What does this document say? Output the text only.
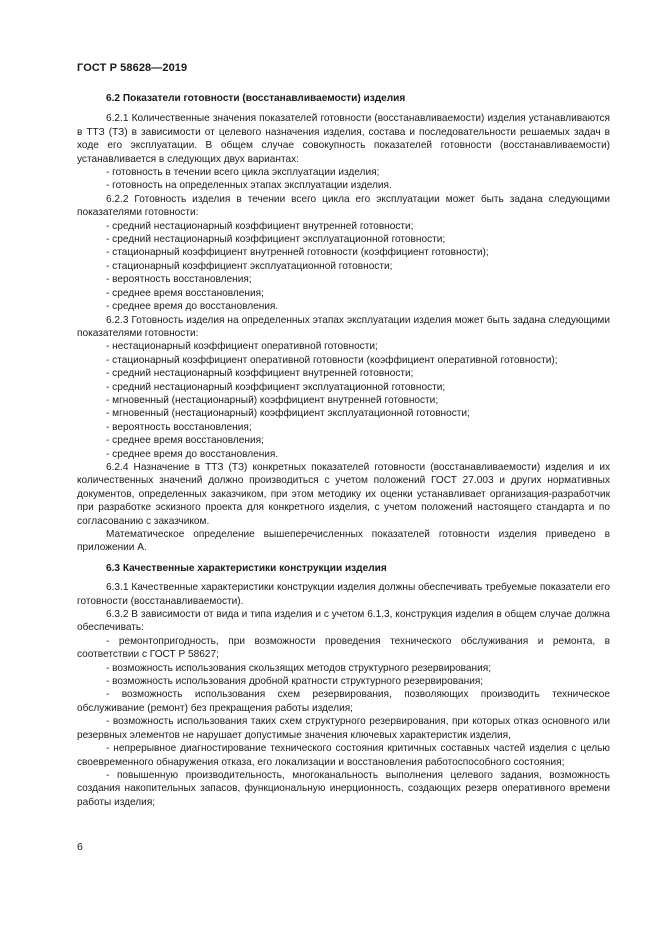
ГОСТ Р 58628—2019

6.2 Показатели готовности (восстанавливаемости) изделия

6.2.1 Количественные значения показателей готовности (восстанавливаемости) изделия устанавливаются в ТТЗ (ТЗ) в зависимости от целевого назначения изделия, состава и последовательности решаемых задач в ходе его эксплуатации. В общем случае совокупность показателей готовности (восстанавливаемости) устанавливается в следующих двух вариантах:

- готовность в течении всего цикла эксплуатации изделия;

- готовность на определенных этапах эксплуатации изделия.

6.2.2 Готовность изделия в течении всего цикла его эксплуатации может быть задана следующими показателями готовности:

- средний нестационарный коэффициент внутренней готовности;

- средний нестационарный коэффициент эксплуатационной готовности;

- стационарный коэффициент внутренней готовности (коэффициент готовности);

- стационарный коэффициент эксплуатационной готовности;

- вероятность восстановления;

- среднее время восстановления;

- среднее время до восстановления.

6.2.3 Готовность изделия на определенных этапах эксплуатации изделия может быть задана следующими показателями готовности:

- нестационарный коэффициент оперативной готовности;

- стационарный коэффициент оперативной готовности (коэффициент оперативной готовности);

- средний нестационарный коэффициент внутренней готовности;

- средний нестационарный коэффициент эксплуатационной готовности;

- мгновенный (нестационарный) коэффициент внутренней готовности;

- мгновенный (нестационарный) коэффициент эксплуатационной готовности;

- вероятность восстановления;

- среднее время восстановления;

- среднее время до восстановления.

6.2.4 Назначение в ТТЗ (ТЗ) конкретных показателей готовности (восстанавливаемости) изделия и их количественных значений должно производиться с учетом положений ГОСТ 27.003 и других нормативных документов, определенных заказчиком, при этом методику их оценки устанавливает организация-разработчик при разработке эскизного проекта для конкретного изделия, с учетом положений настоящего стандарта и по согласованию с заказчиком.

Математическое определение вышеперечисленных показателей готовности изделия приведено в приложении А.

6.3 Качественные характеристики конструкции изделия

6.3.1 Качественные характеристики конструкции изделия должны обеспечивать требуемые показатели его готовности (восстанавливаемости).

6.3.2 В зависимости от вида и типа изделия и с учетом 6.1.3, конструкция изделия в общем случае должна обеспечивать:

- ремонтопригодность, при возможности проведения технического обслуживания и ремонта, в соответствии с ГОСТ Р 58627;

- возможность использования скользящих методов структурного резервирования;

- возможность использования дробной кратности структурного резервирования;

- возможность использования схем резервирования, позволяющих производить техническое обслуживание (ремонт) без прекращения работы изделия;

- возможность использования таких схем структурного резервирования, при которых отказ основного или резервных элементов не нарушает допустимые значения ключевых характеристик изделия,

- непрерывное диагностирование технического состояния критичных составных частей изделия с целью своевременного обнаружения отказа, его локализации и восстановления работоспособного состояния;

- повышенную производительность, многоканальность выполнения целевого задания, возможность создания накопительных запасов, функциональную инерционность, создающих резерв оперативного времени работы изделия;

6
